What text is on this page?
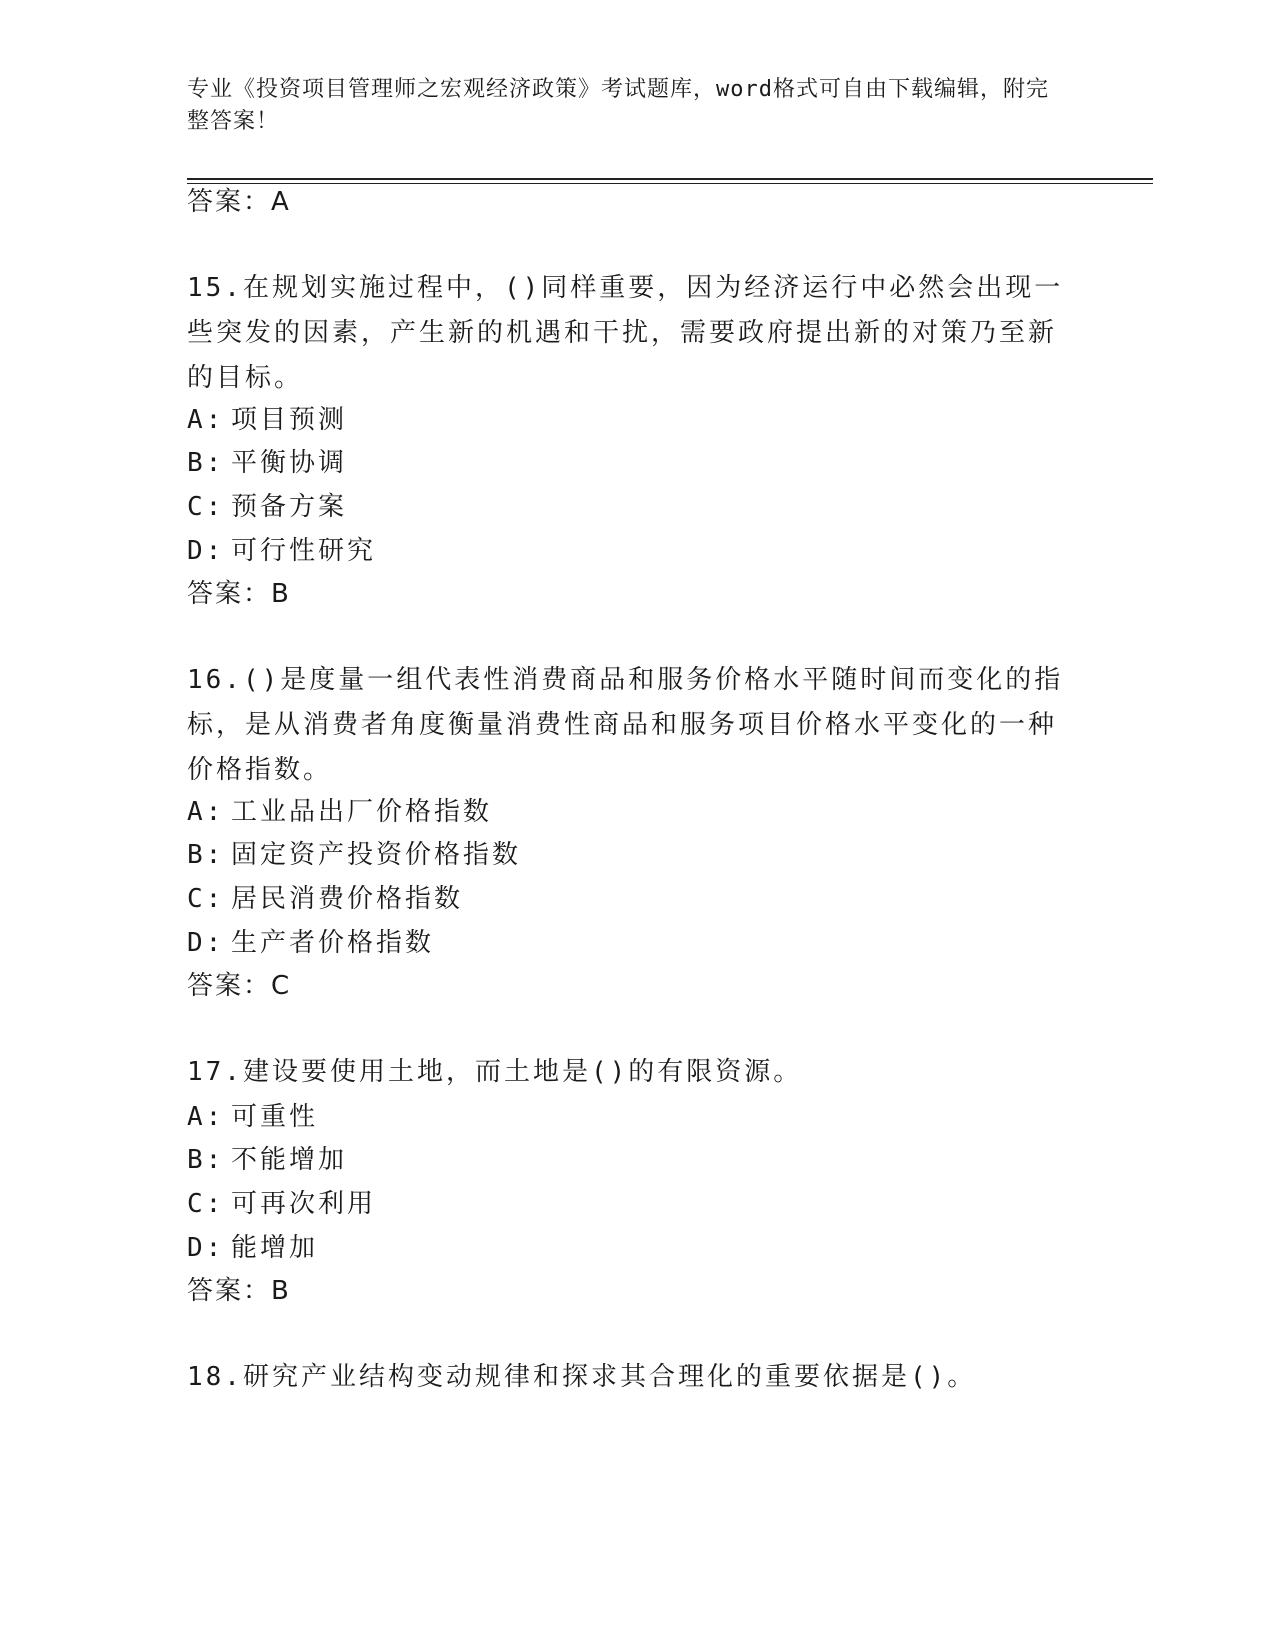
专业《投资项目管理师之宏观经济政策》考试题库，word格式可自由下载编辑，附完整答案！
答案：A
15.在规划实施过程中，()同样重要，因为经济运行中必然会出现一些突发的因素，产生新的机遇和干扰，需要政府提出新的对策乃至新的目标。
A: 项目预测
B: 平衡协调
C: 预备方案
D: 可行性研究
答案：B
16.()是度量一组代表性消费商品和服务价格水平随时间而变化的指标，是从消费者角度衡量消费性商品和服务项目价格水平变化的一种价格指数。
A: 工业品出厂价格指数
B: 固定资产投资价格指数
C: 居民消费价格指数
D: 生产者价格指数
答案：C
17.建设要使用土地，而土地是()的有限资源。
A: 可重性
B: 不能增加
C: 可再次利用
D: 能增加
答案：B
18.研究产业结构变动规律和探求其合理化的重要依据是()。
